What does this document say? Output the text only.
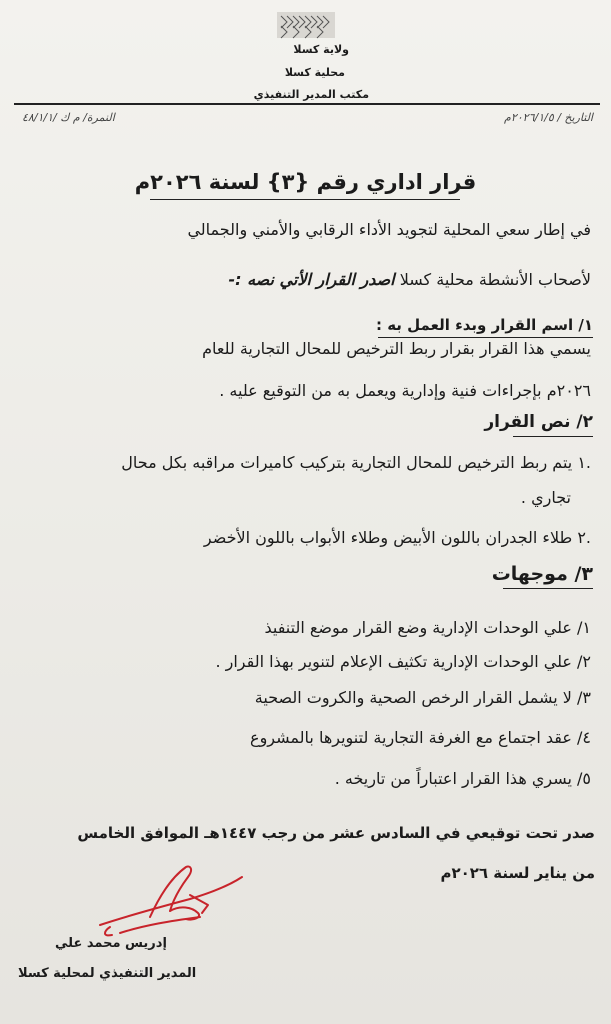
ولاية كسلا
محلية كسلا
مكتب المدير التنفيذي
التاريخ / ٢٠٢٦/١/٥م
النمرة/ م ك /٤٨/١/١
قرار اداري رقم {٣} لسنة ٢٠٢٦م
في إطار سعي المحلية لتجويد الأداء الرقابي والأمني والجمالي
لأصحاب الأنشطة محلية كسلا اصدر القرار الأتي نصه :-
١/ اسم القرار وبدء العمل به :
يسمي هذا القرار بقرار ربط الترخيص للمحال التجارية للعام
٢٠٢٦م بإجراءات فنية وإدارية ويعمل به من التوقيع عليه .
٢/ نص القرار
.١ يتم ربط الترخيص للمحال التجارية بتركيب كاميرات مراقبه بكل محال
تجاري .
.٢ طلاء الجدران باللون الأبيض وطلاء الأبواب باللون الأخضر
٣/ موجهات
١/ علي الوحدات الإدارية وضع القرار موضع التنفيذ
٢/ علي الوحدات الإدارية تكثيف الإعلام لتنوير بهذا القرار .
٣/ لا يشمل القرار الرخص الصحية والكروت الصحية
٤/ عقد اجتماع مع الغرفة التجارية لتنويرها بالمشروع
٥/ يسري هذا القرار اعتباراً من تاريخه .
صدر تحت توقيعي في السادس عشر من رجب ١٤٤٧هـ الموافق الخامس
من يناير لسنة ٢٠٢٦م
إدريس محمد علي
المدير التنفيذي لمحلية كسلا
